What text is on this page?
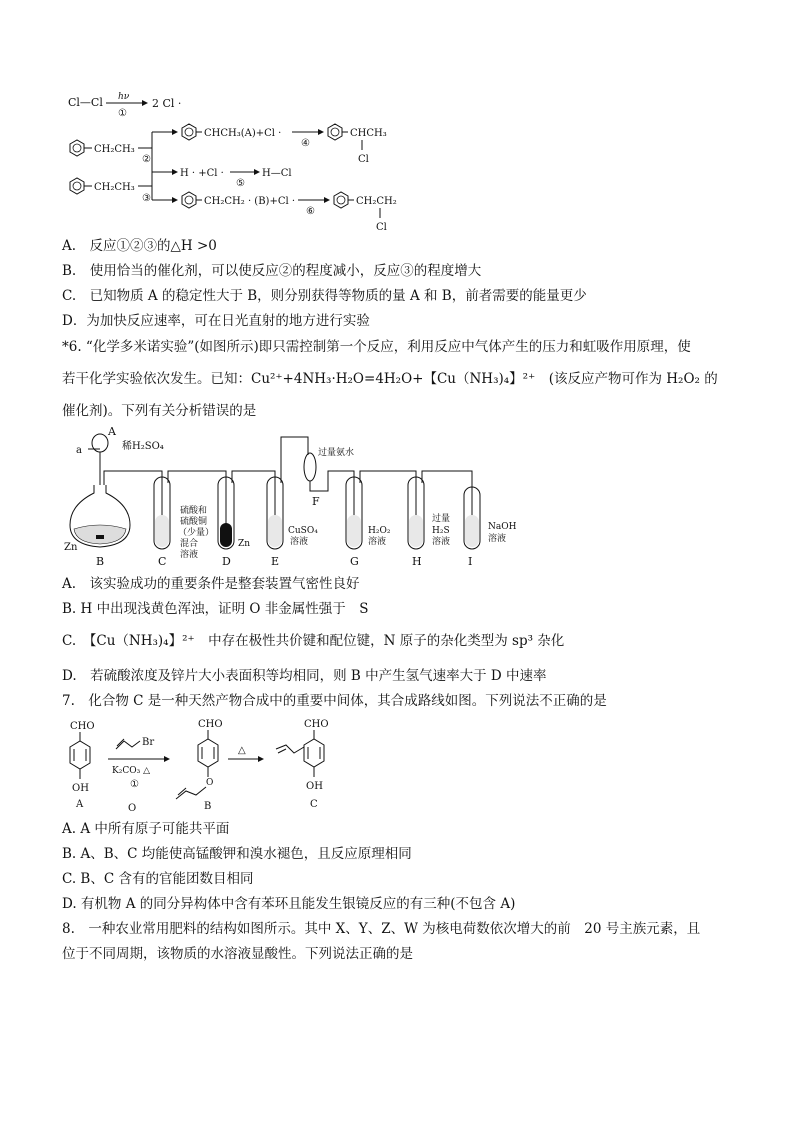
Cl—Cl hν
①
2 Cl ·
CH₂CH₃
②
CHCH₃(A)+Cl ·
④
CHCH₃
Cl
H · +Cl ·
⑤
H—Cl
CH₂CH₃
③	CH₂CH₂ · (B)+Cl ·
⑥
CH₂CH₂
Cl
A.　反应①②③的△H >0
B.　使用恰当的催化剂，可以使反应②的程度减小，反应③的程度增大
C.　已知物质 A 的稳定性大于 B，则分别获得等物质的量 A 和 B，前者需要的能量更少
D．为加快反应速率，可在日光直射的地方进行实验
*6. “化学多米诺实验”(如图所示)即只需控制第一个反应，利用反应中气体产生的压力和虹吸作用原理，使
若干化学实验依次发生。已知：Cu²⁺+4NH₃·H₂O=4H₂O+【Cu（NH₃)₄】²⁺　(该反应产物可作为 H₂O₂ 的
催化剂)。下列有关分析错误的是
a
A
稀H₂SO₄
Zn
B
硫酸和
硫酸铜
（少量）
混合
溶液
C
Zn
D
CuSO₄
溶液
E
过量氨水
F
H₂O₂
溶液
G
过量
H₂S
溶液
H
NaOH
溶液
I
A.　该实验成功的重要条件是整套装置气密性良好
B. H 中出现浅黄色浑浊，证明 O 非金属性强于　S
C.　【Cu（NH₃)₄】²⁺　中存在极性共价键和配位键，N 原子的杂化类型为 sp³ 杂化
D.　若硫酸浓度及锌片大小表面积等均相同，则 B 中产生氢气速率大于 D 中速率
7.　化合物 C 是一种天然产物合成中的重要中间体，其合成路线如图。下列说法不正确的是
CHO
OH
A
Br
K₂CO₃ △
①
O
CHO
O
B
△
CHO
OH
C
A. A 中所有原子可能共平面
B. A、B、C 均能使高锰酸钾和溴水褪色，且反应原理相同
C. B、C 含有的官能团数目相同
D. 有机物 A 的同分异构体中含有苯环且能发生银镜反应的有三种(不包含 A)
8.　一种农业常用肥料的结构如图所示。其中 X、Y、Z、W 为核电荷数依次增大的前　20 号主族元素，且
位于不同周期，该物质的水溶液显酸性。下列说法正确的是
